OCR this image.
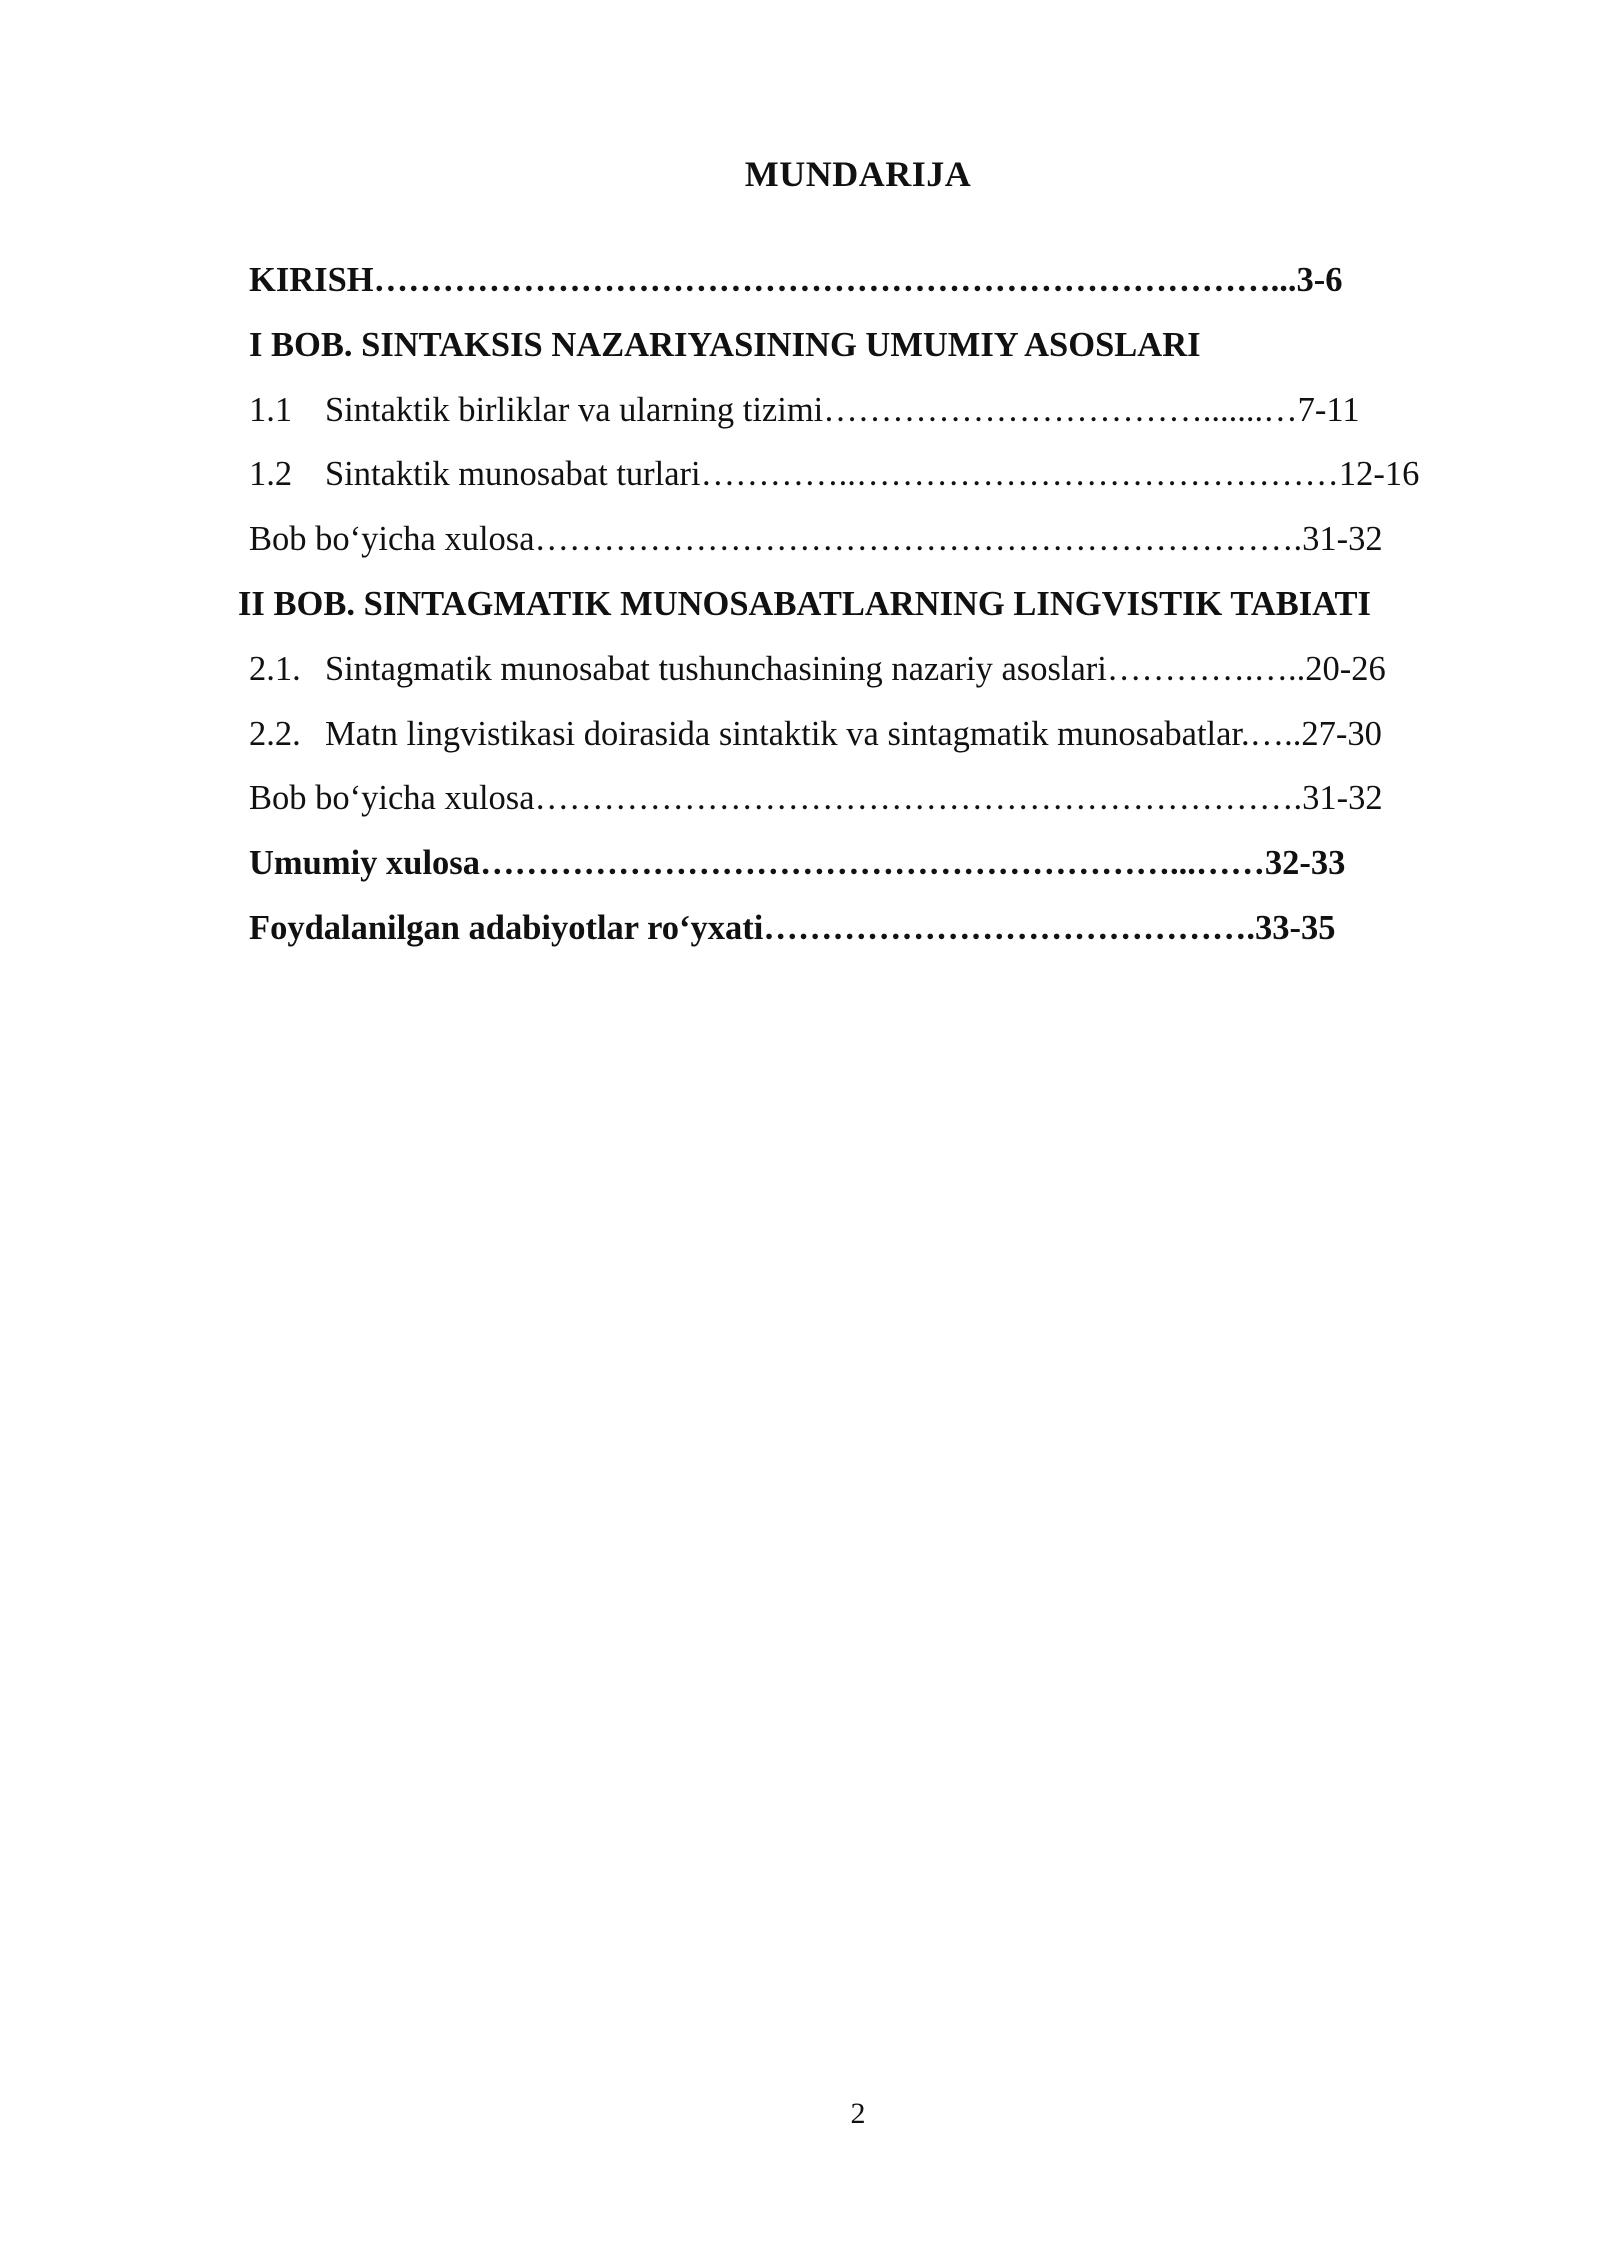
MUNDARIJA
KIRISH……………………………………………………………………...3-6
I BOB. SINTAKSIS NAZARIYASINING UMUMIY ASOSLARI
1.1 Sintaktik birliklar va ularning tizimi…………………………….......…7-11
1.2 Sintaktik munosabat turlari…………..……………………………………12-16
Bob bo‘yicha xulosa………………………………………………………….31-32
II BOB. SINTAGMATIK MUNOSABATLARNING LINGVISTIK TABIATI
2.1. Sintagmatik munosabat tushunchasining nazariy asoslari………….…..20-26
2.2. Matn lingvistikasi doirasida sintaktik va sintagmatik munosabatlar.…..27-30
Bob bo‘yicha xulosa………………………………………………………….31-32
Umumiy xulosa……………………………………………………...……32-33
Foydalanilgan adabiyotlar ro‘yxati…………………………………….33-35
2
